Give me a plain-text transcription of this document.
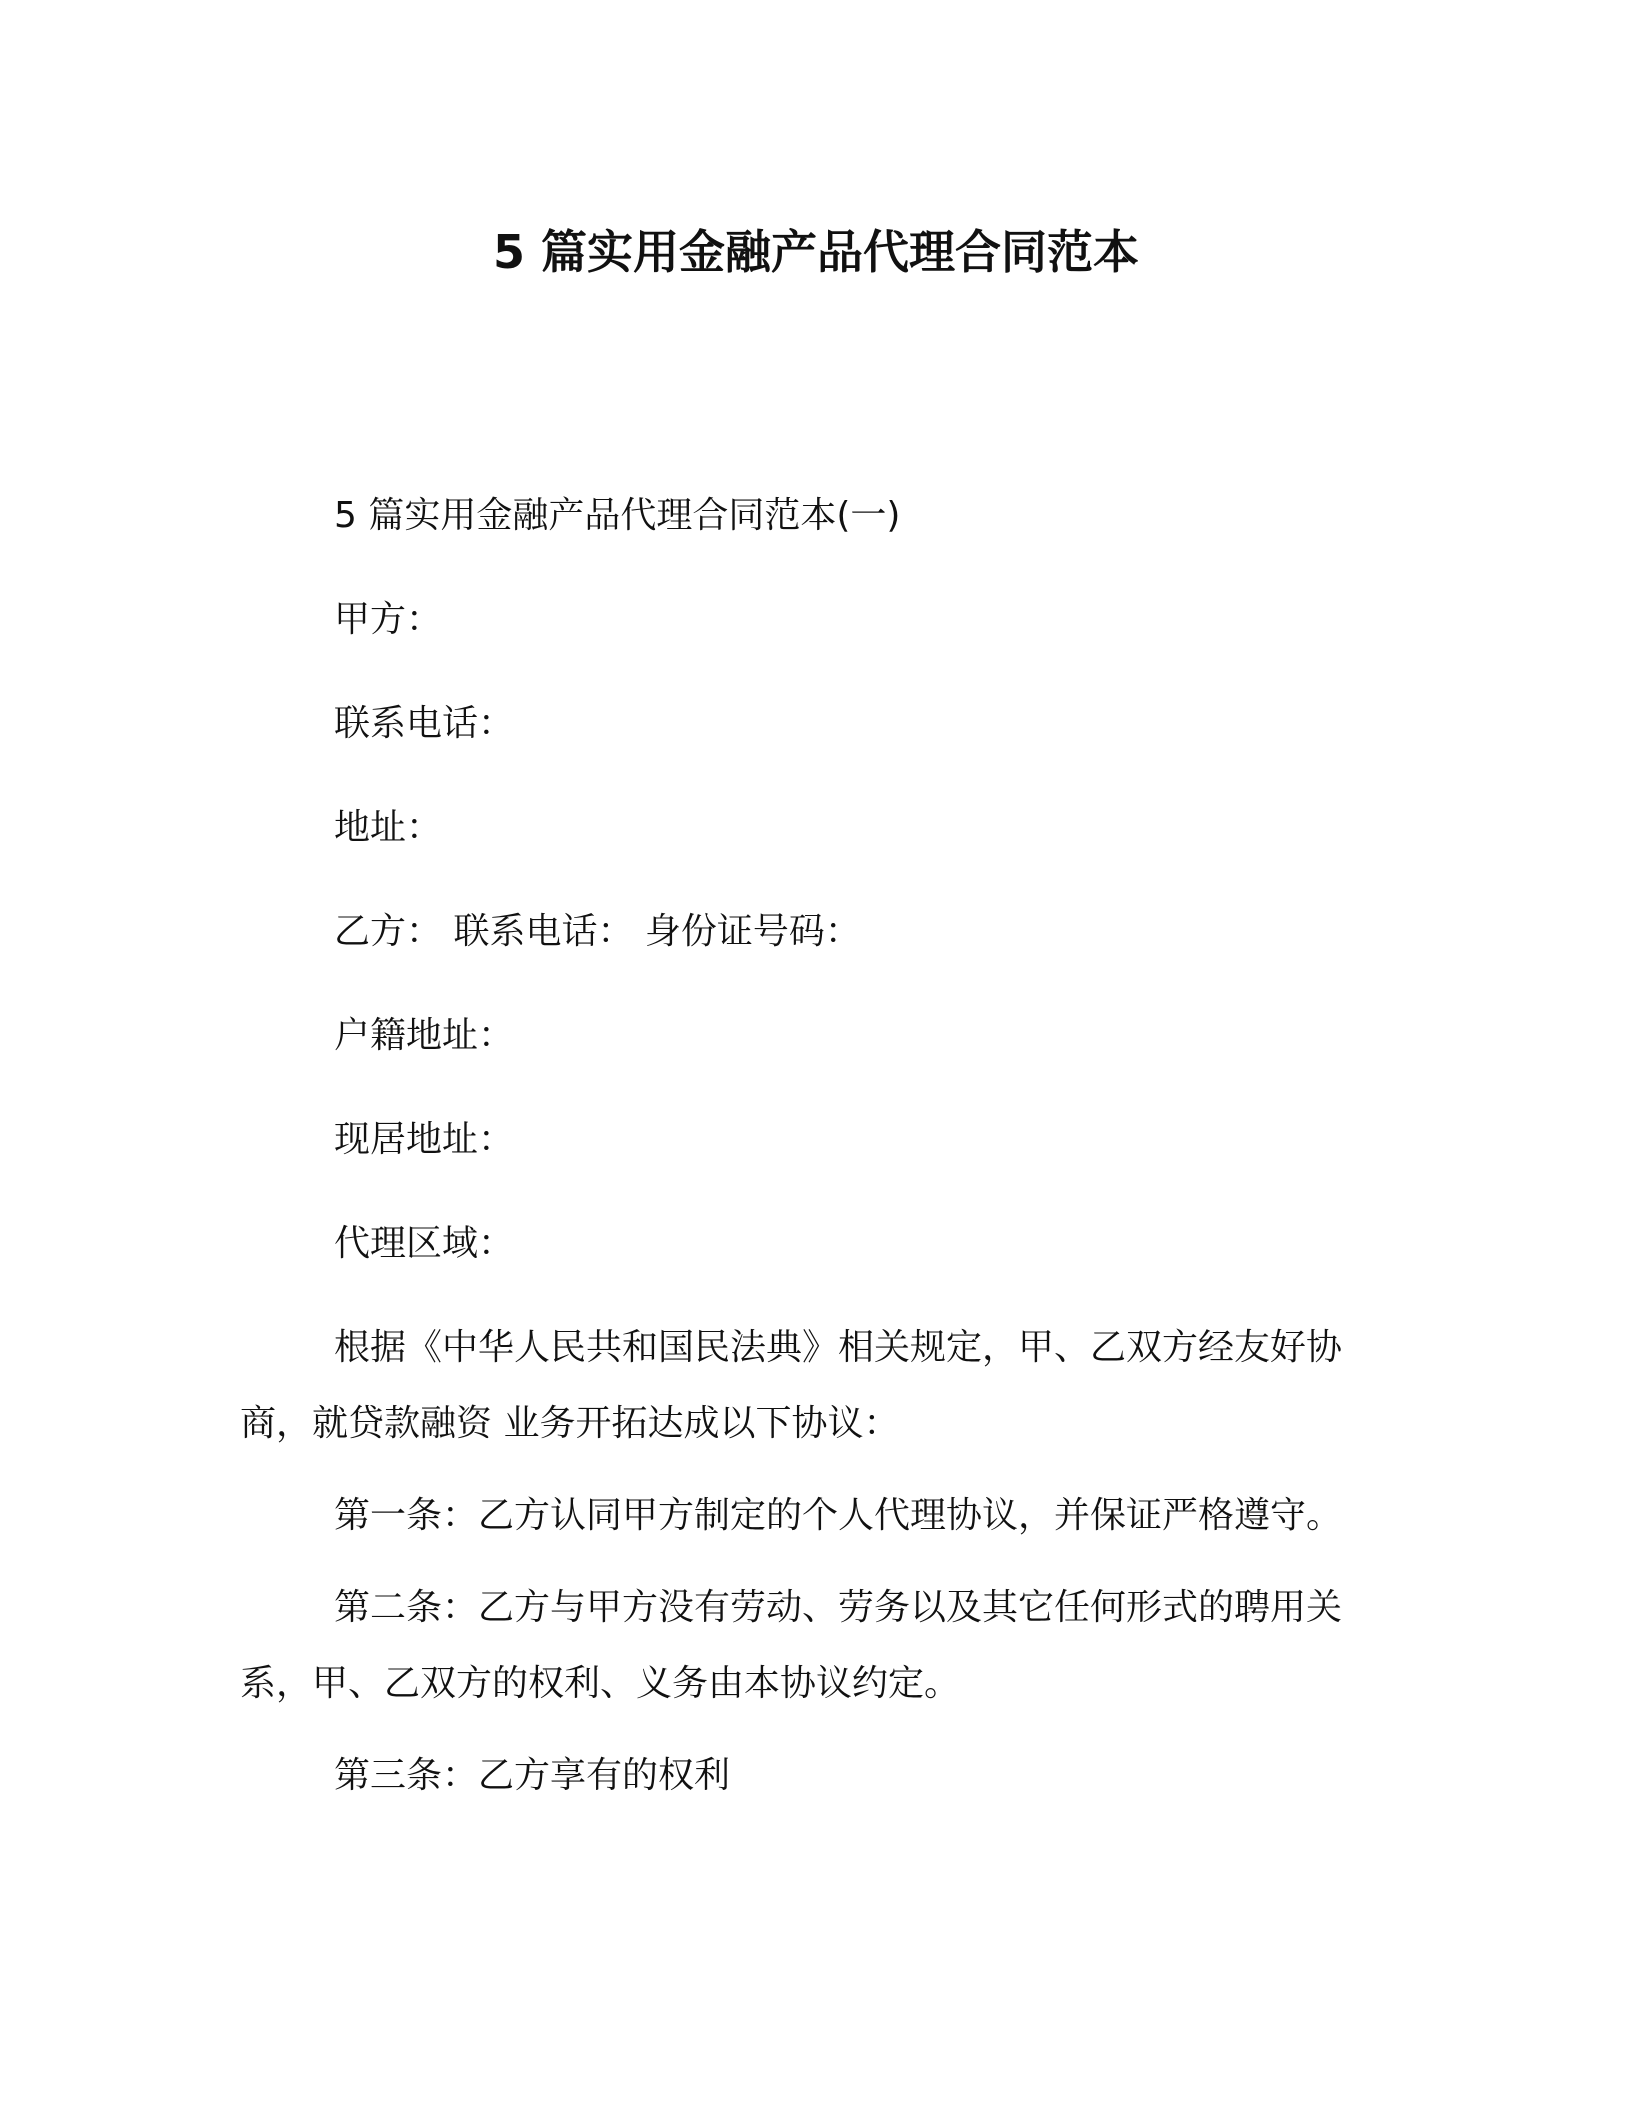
5 篇实用金融产品代理合同范本

5 篇实用金融产品代理合同范本(一)

甲方：

联系电话：

地址：

乙方： 联系电话： 身份证号码：

户籍地址：

现居地址：

代理区域：

根据《中华人民共和国民法典》相关规定，甲、乙双方经友好协商，就贷款融资 业务开拓达成以下协议：

第一条：乙方认同甲方制定的个人代理协议，并保证严格遵守。

第二条：乙方与甲方没有劳动、劳务以及其它任何形式的聘用关系，甲、乙双方的权利、义务由本协议约定。

第三条：乙方享有的权利
